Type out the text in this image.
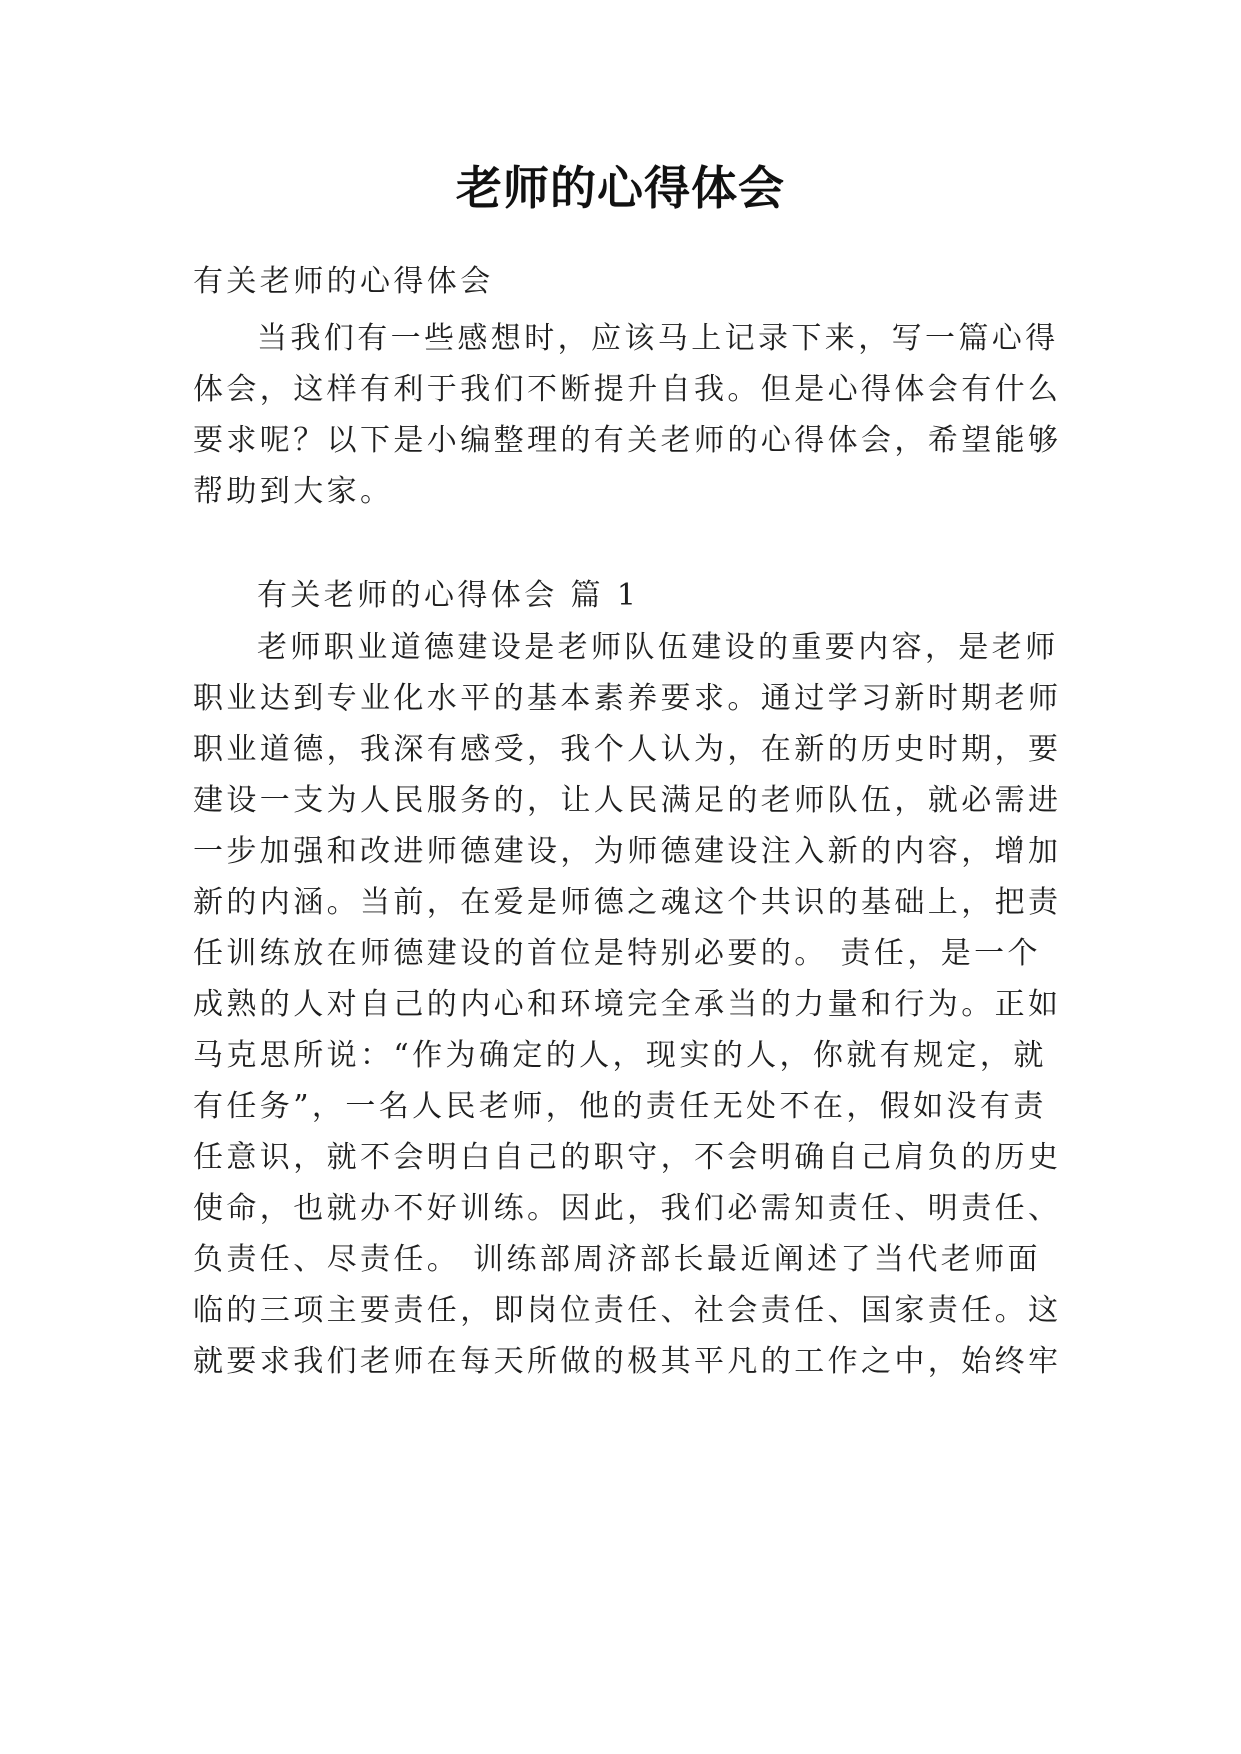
老师的心得体会
有关老师的心得体会
当我们有一些感想时，应该马上记录下来，写一篇心得
体会，这样有利于我们不断提升自我。但是心得体会有什么
要求呢？以下是小编整理的有关老师的心得体会，希望能够
帮助到大家。
有关老师的心得体会 篇 1
老师职业道德建设是老师队伍建设的重要内容，是老师
职业达到专业化水平的基本素养要求。通过学习新时期老师
职业道德，我深有感受，我个人认为，在新的历史时期，要
建设一支为人民服务的，让人民满足的老师队伍，就必需进
一步加强和改进师德建设，为师德建设注入新的内容，增加
新的内涵。当前，在爱是师德之魂这个共识的基础上，把责
任训练放在师德建设的首位是特别必要的。 责任，是一个
成熟的人对自己的内心和环境完全承当的力量和行为。正如
马克思所说：“作为确定的人，现实的人，你就有规定，就
有任务”，一名人民老师，他的责任无处不在，假如没有责
任意识，就不会明白自己的职守，不会明确自己肩负的历史
使命，也就办不好训练。因此，我们必需知责任、明责任、
负责任、尽责任。 训练部周济部长最近阐述了当代老师面
临的三项主要责任，即岗位责任、社会责任、国家责任。这
就要求我们老师在每天所做的极其平凡的工作之中，始终牢
